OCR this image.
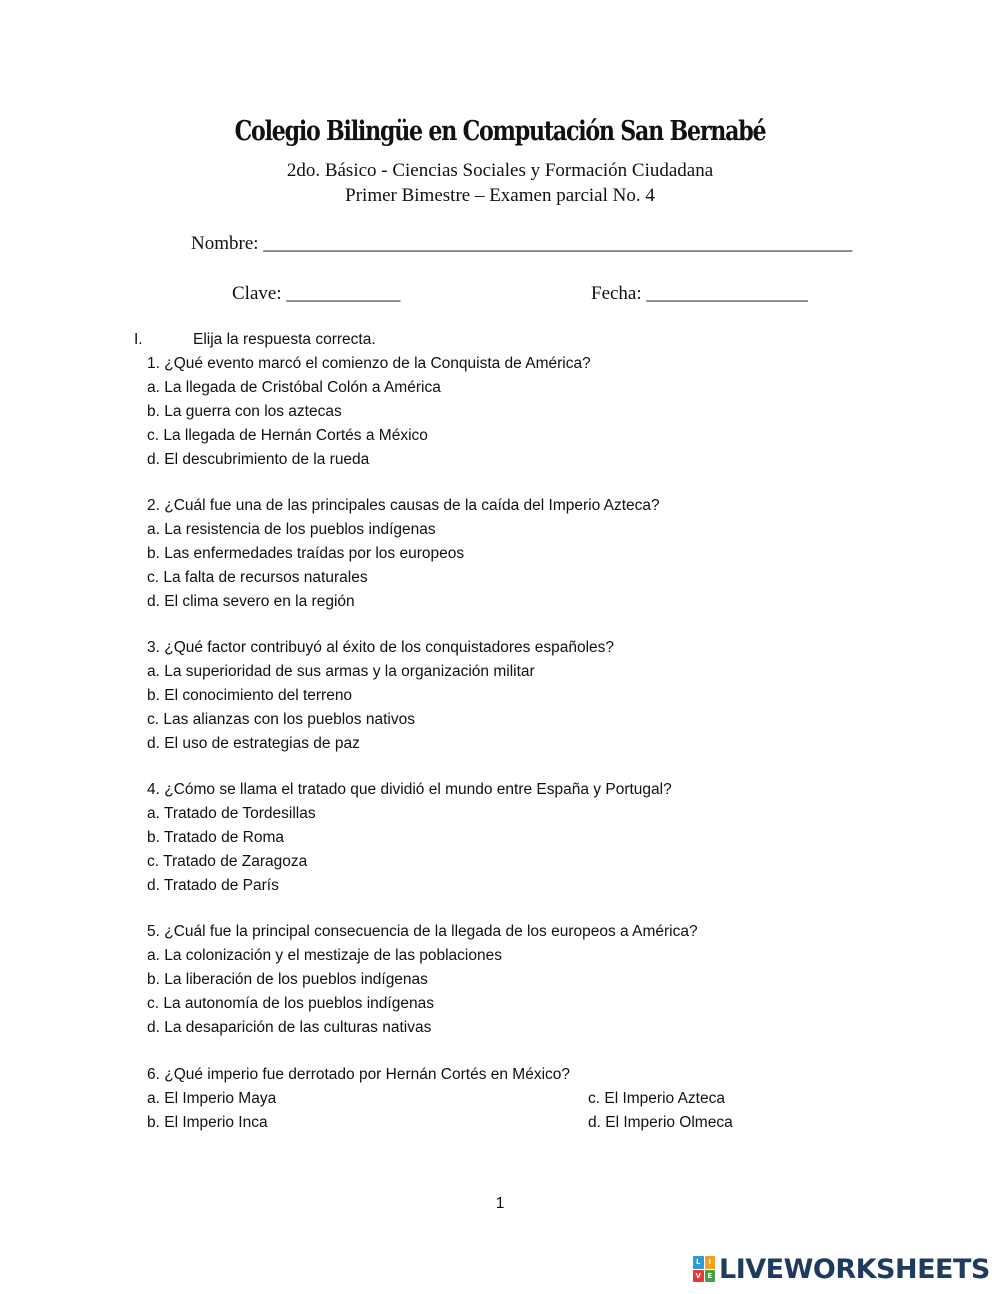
Colegio Bilingüe en Computación San Bernabé
2do. Básico - Ciencias Sociales y Formación Ciudadana
Primer Bimestre – Examen parcial No. 4
Nombre: ______________________________________________________________
Clave: ____________	Fecha: _________________
I.	Elija la respuesta correcta.
1. ¿Qué evento marcó el comienzo de la Conquista de América?
a. La llegada de Cristóbal Colón a América
b. La guerra con los aztecas
c. La llegada de Hernán Cortés a México
d. El descubrimiento de la rueda
2. ¿Cuál fue una de las principales causas de la caída del Imperio Azteca?
a. La resistencia de los pueblos indígenas
b. Las enfermedades traídas por los europeos
c. La falta de recursos naturales
d. El clima severo en la región
3. ¿Qué factor contribuyó al éxito de los conquistadores españoles?
a. La superioridad de sus armas y la organización militar
b. El conocimiento del terreno
c. Las alianzas con los pueblos nativos
d. El uso de estrategias de paz
4. ¿Cómo se llama el tratado que dividió el mundo entre España y Portugal?
a. Tratado de Tordesillas
b. Tratado de Roma
c. Tratado de Zaragoza
d. Tratado de París
5. ¿Cuál fue la principal consecuencia de la llegada de los europeos a América?
a. La colonización y el mestizaje de las poblaciones
b. La liberación de los pueblos indígenas
c. La autonomía de los pueblos indígenas
d. La desaparición de las culturas nativas
6. ¿Qué imperio fue derrotado por Hernán Cortés en México?
a. El Imperio Maya
b. El Imperio Inca
c. El Imperio Azteca
d. El Imperio Olmeca
1
L	I
V E LIVEWORKSHEETS
